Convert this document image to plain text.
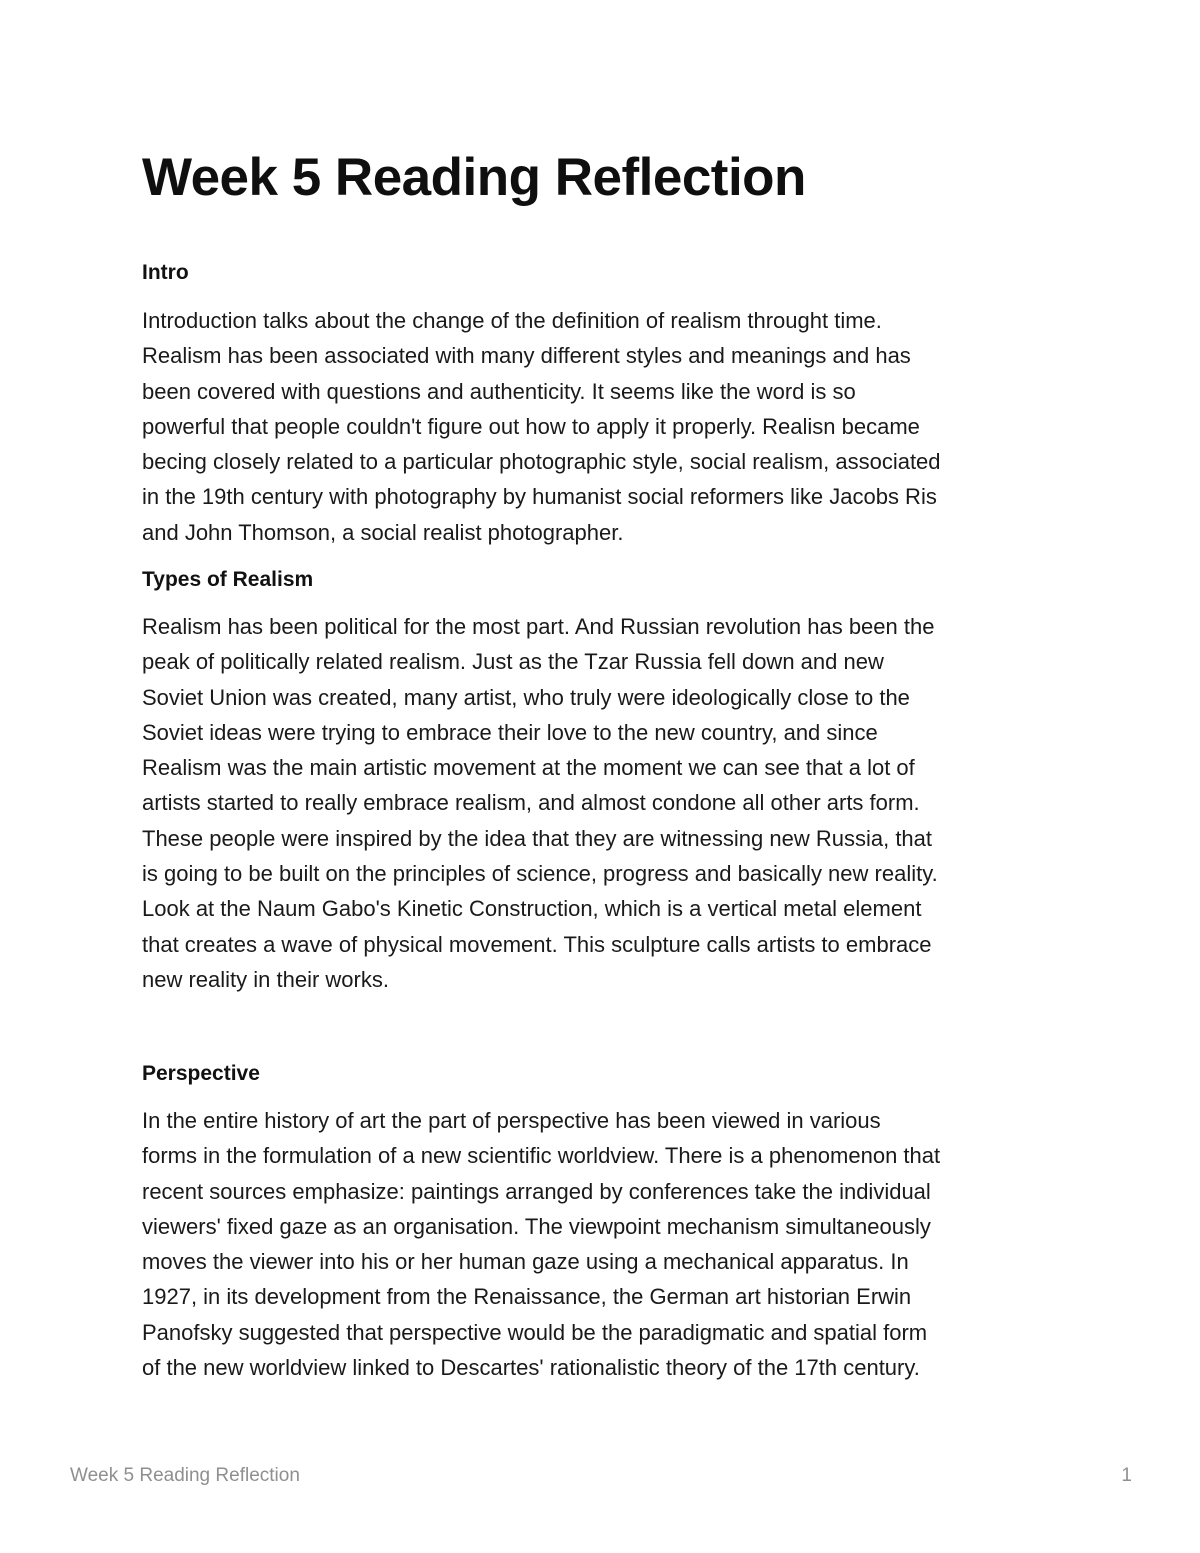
Week 5 Reading Reflection
Intro
Introduction talks about the change of the definition of realism throught time.
Realism has been associated with many different styles and meanings and has
been covered with questions and authenticity. It seems like the word is so
powerful that people couldn't figure out how to apply it properly. Realisn became
becing closely related to a particular photographic style, social realism, associated
in the 19th century with photography by humanist social reformers like Jacobs Ris
and John Thomson, a social realist photographer.
Types of Realism
Realism has been political for the most part. And Russian revolution has been the
peak of politically related realism. Just as the Tzar Russia fell down and new
Soviet Union was created, many artist, who truly were ideologically close to the
Soviet ideas were trying to embrace their love to the new country, and since
Realism was the main artistic movement at the moment we can see that a lot of
artists started to really embrace realism, and almost condone all other arts form.
These people were inspired by the idea that they are witnessing new Russia, that
is going to be built on the principles of science, progress and basically new reality.
Look at the Naum Gabo's Kinetic Construction, which is a vertical metal element
that creates a wave of physical movement. This sculpture calls artists to embrace
new reality in their works.
Perspective
In the entire history of art the part of perspective has been viewed in various
forms in the formulation of a new scientific worldview. There is a phenomenon that
recent sources emphasize: paintings arranged by conferences take the individual
viewers' fixed gaze as an organisation. The viewpoint mechanism simultaneously
moves the viewer into his or her human gaze using a mechanical apparatus. In
1927, in its development from the Renaissance, the German art historian Erwin
Panofsky suggested that perspective would be the paradigmatic and spatial form
of the new worldview linked to Descartes' rationalistic theory of the 17th century.
Week 5 Reading Reflection	1
